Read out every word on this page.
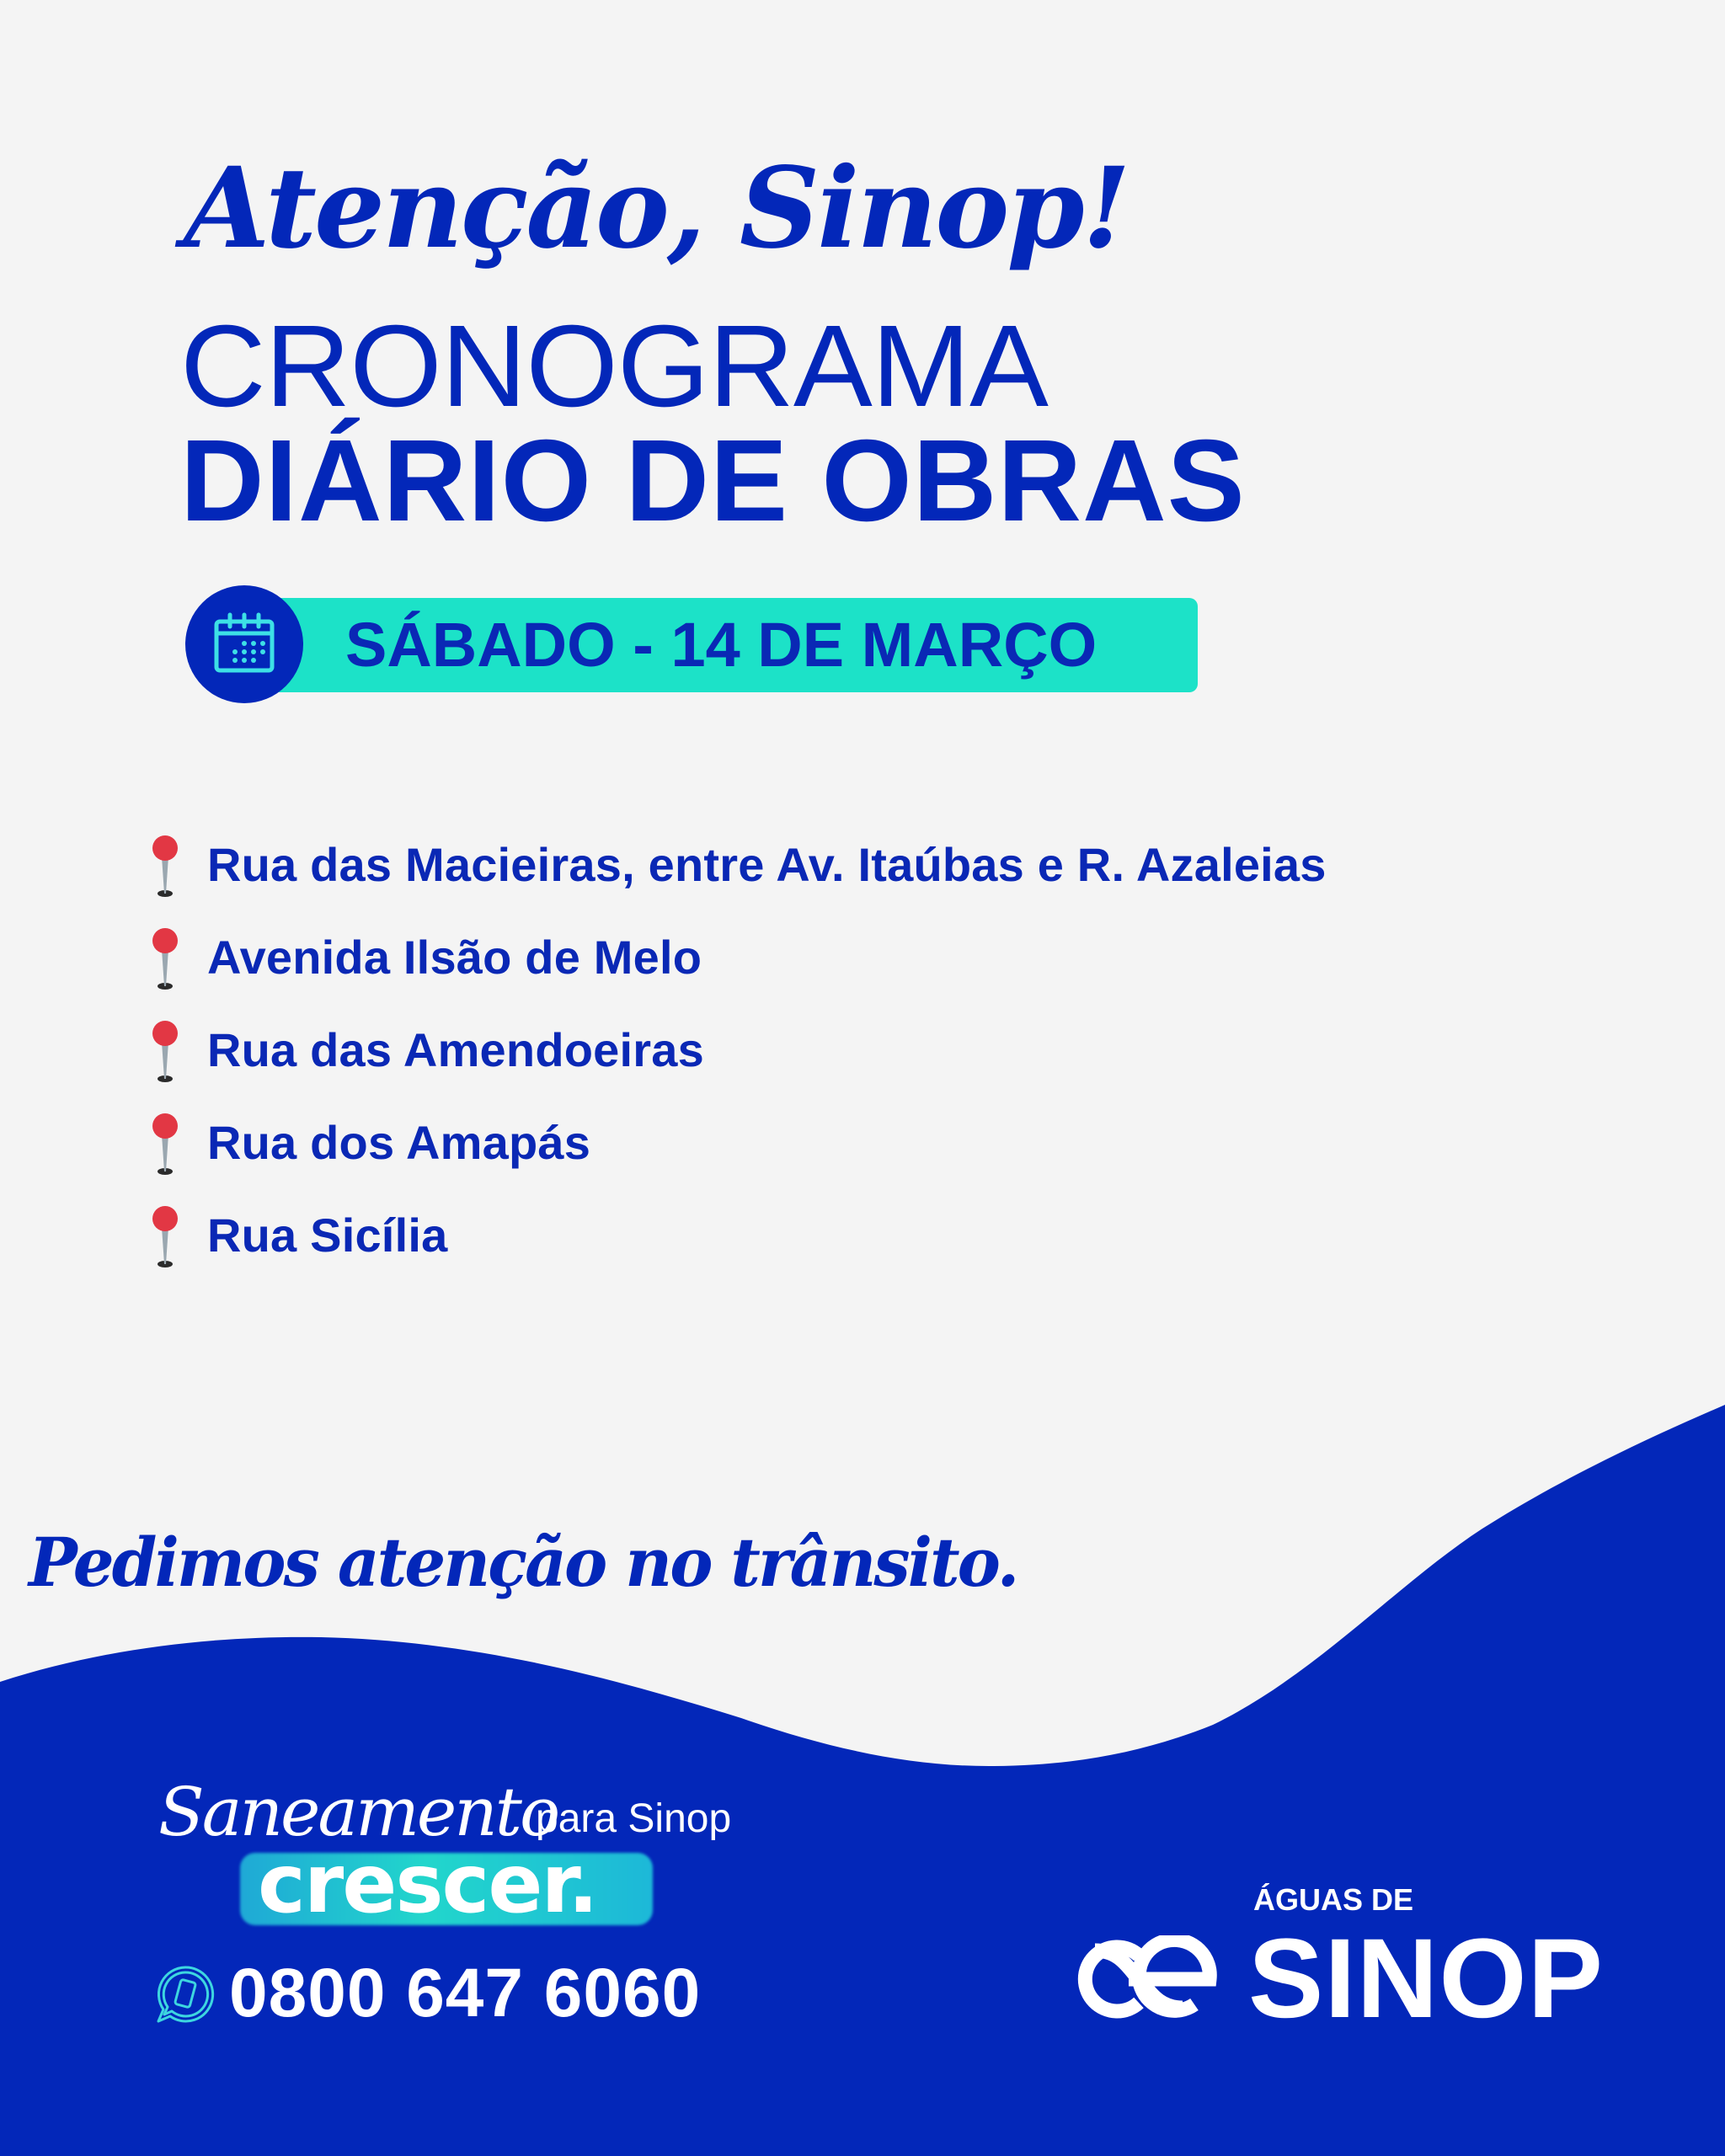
Atenção, Sinop!
CRONOGRAMA
DIÁRIO DE OBRAS
SÁBADO - 14 DE MARÇO
Rua das Macieiras, entre Av. Itaúbas e R. Azaleias
Avenida Ilsão de Melo
Rua das Amendoeiras
Rua dos Amapás
Rua Sicília
Pedimos atenção no trânsito.
Saneamento
para Sinop
crescer.
0800 647 6060
ÁGUAS DE
SINOP
